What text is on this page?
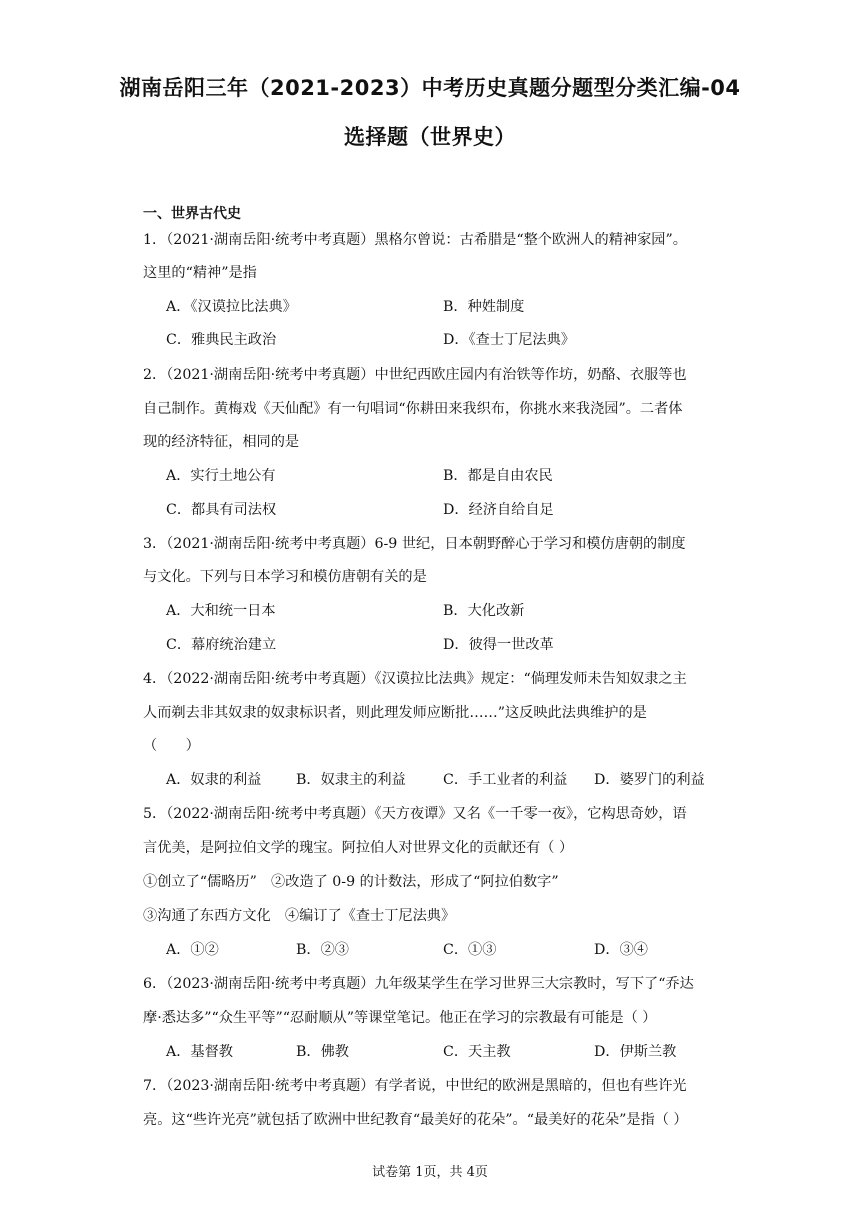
湖南岳阳三年（2021-2023）中考历史真题分题型分类汇编-04
选择题（世界史）
一、世界古代史
1．（2021·湖南岳阳·统考中考真题）黑格尔曾说：古希腊是“整个欧洲人的精神家园”。
这里的“精神”是指
A．《汉谟拉比法典》	B．种姓制度
C．雅典民主政治	D．《查士丁尼法典》
2．（2021·湖南岳阳·统考中考真题）中世纪西欧庄园内有治铁等作坊，奶酪、衣服等也
自己制作。黄梅戏《天仙配》有一句唱词“你耕田来我织布，你挑水来我浇园”。二者体
现的经济特征，相同的是
A．实行土地公有	B．都是自由农民
C．都具有司法权	D．经济自给自足
3．（2021·湖南岳阳·统考中考真题）6-9 世纪，日本朝野醉心于学习和模仿唐朝的制度
与文化。下列与日本学习和模仿唐朝有关的是
A．大和统一日本	B．大化改新
C．幕府统治建立	D．彼得一世改革
4．（2022·湖南岳阳·统考中考真题）《汉谟拉比法典》规定：“倘理发师未告知奴隶之主
人而剃去非其奴隶的奴隶标识者，则此理发师应断批……”这反映此法典维护的是
（　　）
A．奴隶的利益 B．奴隶主的利益	C．手工业者的利益 D．婆罗门的利益
5．（2022·湖南岳阳·统考中考真题）《天方夜谭》又名《一千零一夜》，它构思奇妙，语
言优美，是阿拉伯文学的瑰宝。阿拉伯人对世界文化的贡献还有（ ）
①创立了“儒略历”　②改造了 0-9 的计数法，形成了“阿拉伯数字”
③沟通了东西方文化　④编订了《查士丁尼法典》
A．①②	B．②③	C．①③	D．③④
6．（2023·湖南岳阳·统考中考真题）九年级某学生在学习世界三大宗教时，写下了“乔达
摩·悉达多”“众生平等”“忍耐顺从”等课堂笔记。他正在学习的宗教最有可能是（ ）
A．基督教	B．佛教	C．天主教	D．伊斯兰教
7．（2023·湖南岳阳·统考中考真题）有学者说，中世纪的欧洲是黑暗的，但也有些许光
亮。这“些许光亮”就包括了欧洲中世纪教育“最美好的花朵”。“最美好的花朵”是指（ ）
试卷第 1页，共 4页
